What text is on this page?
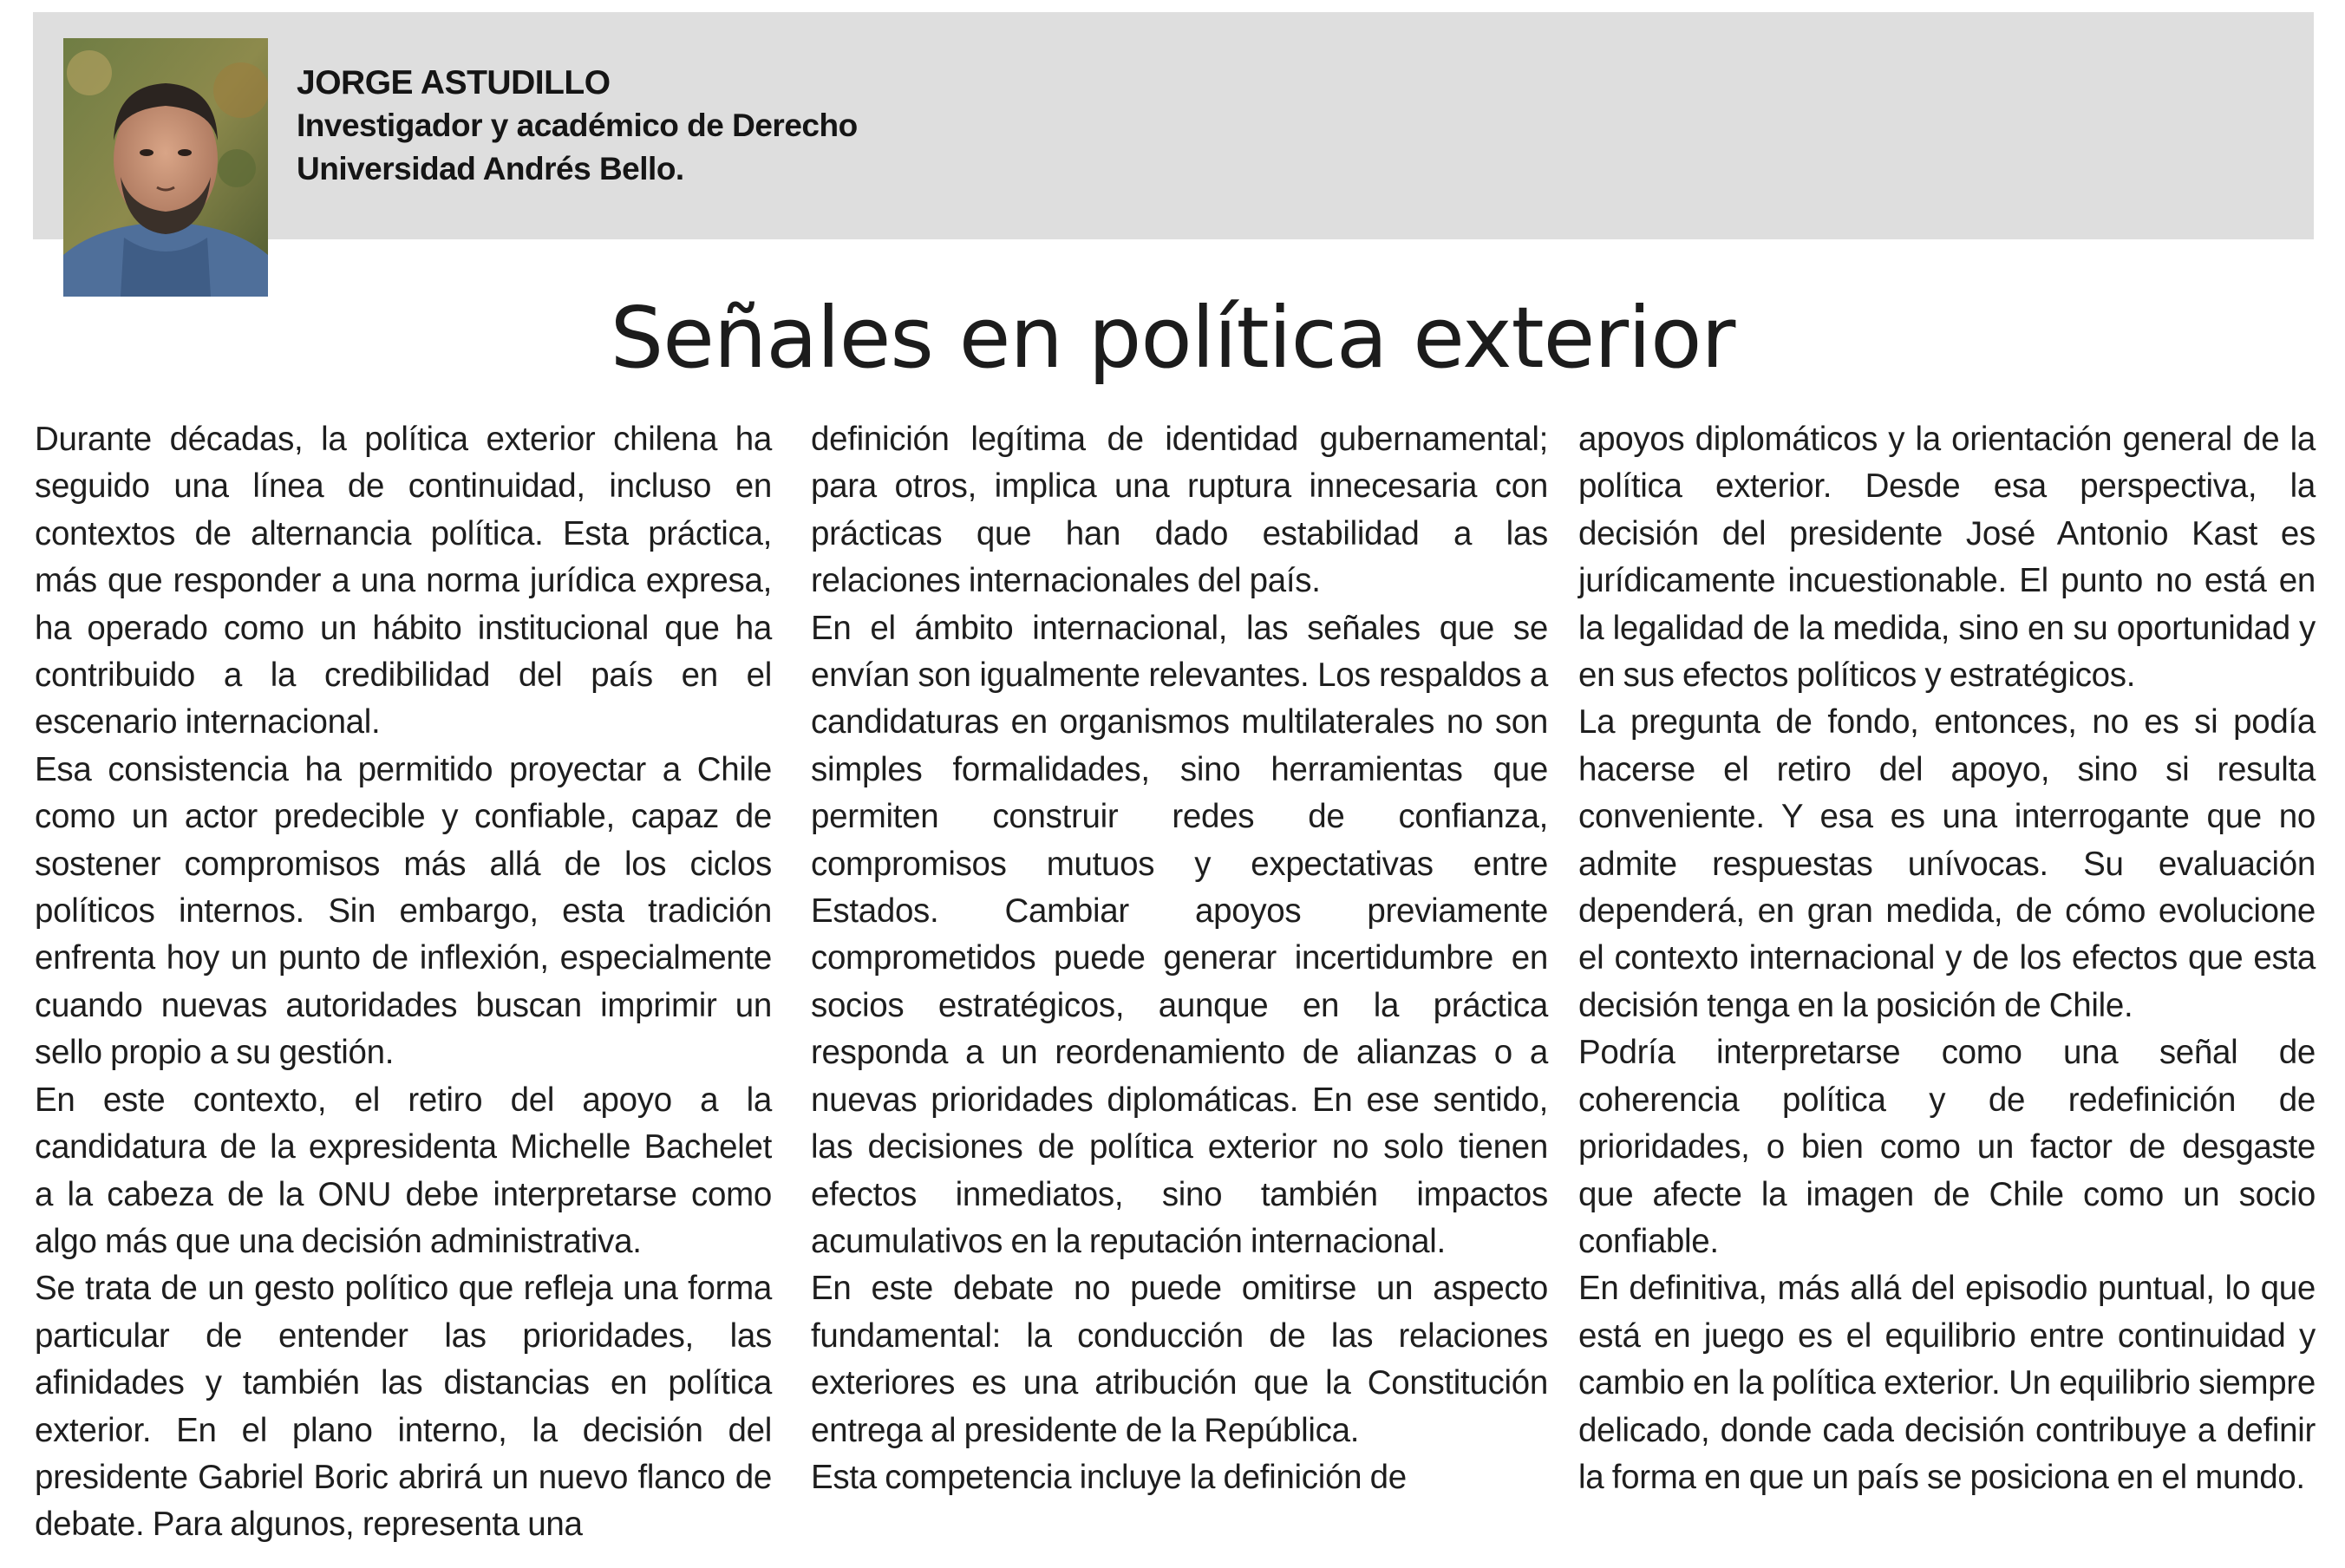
JORGE ASTUDILLO
Investigador y académico de Derecho
Universidad Andrés Bello.
Señales en política exterior

Durante décadas, la política exterior chilena ha seguido una línea de continuidad, incluso en contextos de alternancia política. Esta práctica, más que responder a una norma jurídica expresa, ha operado como un hábito institucional que ha contribuido a la credibilidad del país en el escenario internacional.

Esa consistencia ha permitido proyectar a Chile como un actor predecible y confiable, capaz de sostener compromisos más allá de los ciclos políticos internos. Sin embargo, esta tradición enfrenta hoy un punto de inflexión, especialmente cuando nuevas autoridades buscan imprimir un sello propio a su gestión.

En este contexto, el retiro del apoyo a la candidatura de la expresidenta Michelle Bachelet a la cabeza de la ONU debe interpretarse como algo más que una decisión administrativa.

Se trata de un gesto político que refleja una forma particular de entender las prioridades, las afinidades y también las distancias en política exterior. En el plano interno, la decisión del presidente Gabriel Boric abrirá un nuevo flanco de debate. Para algunos, representa una

definición legítima de identidad gubernamental; para otros, implica una ruptura innecesaria con prácticas que han dado estabilidad a las relaciones internacionales del país.

En el ámbito internacional, las señales que se envían son igualmente relevantes. Los respaldos a candidaturas en organismos multilaterales no son simples formalidades, sino herramientas que permiten construir redes de confianza, compromisos mutuos y expectativas entre Estados. Cambiar apoyos previamente comprometidos puede generar incertidumbre en socios estratégicos, aunque en la práctica responda a un reordenamiento de alianzas o a nuevas prioridades diplomáticas. En ese sentido, las decisiones de política exterior no solo tienen efectos inmediatos, sino también impactos acumulativos en la reputación internacional.

En este debate no puede omitirse un aspecto fundamental: la conducción de las relaciones exteriores es una atribución que la Constitución entrega al presidente de la República.

Esta competencia incluye la definición de

apoyos diplomáticos y la orientación general de la política exterior. Desde esa perspectiva, la decisión del presidente José Antonio Kast es jurídicamente incuestionable. El punto no está en la legalidad de la medida, sino en su oportunidad y en sus efectos políticos y estratégicos.

La pregunta de fondo, entonces, no es si podía hacerse el retiro del apoyo, sino si resulta conveniente. Y esa es una interrogante que no admite respuestas unívocas. Su evaluación dependerá, en gran medida, de cómo evolucione el contexto internacional y de los efectos que esta decisión tenga en la posición de Chile.

Podría interpretarse como una señal de coherencia política y de redefinición de prioridades, o bien como un factor de desgaste que afecte la imagen de Chile como un socio confiable.

En definitiva, más allá del episodio puntual, lo que está en juego es el equilibrio entre continuidad y cambio en la política exterior. Un equilibrio siempre delicado, donde cada decisión contribuye a definir la forma en que un país se posiciona en el mundo.
